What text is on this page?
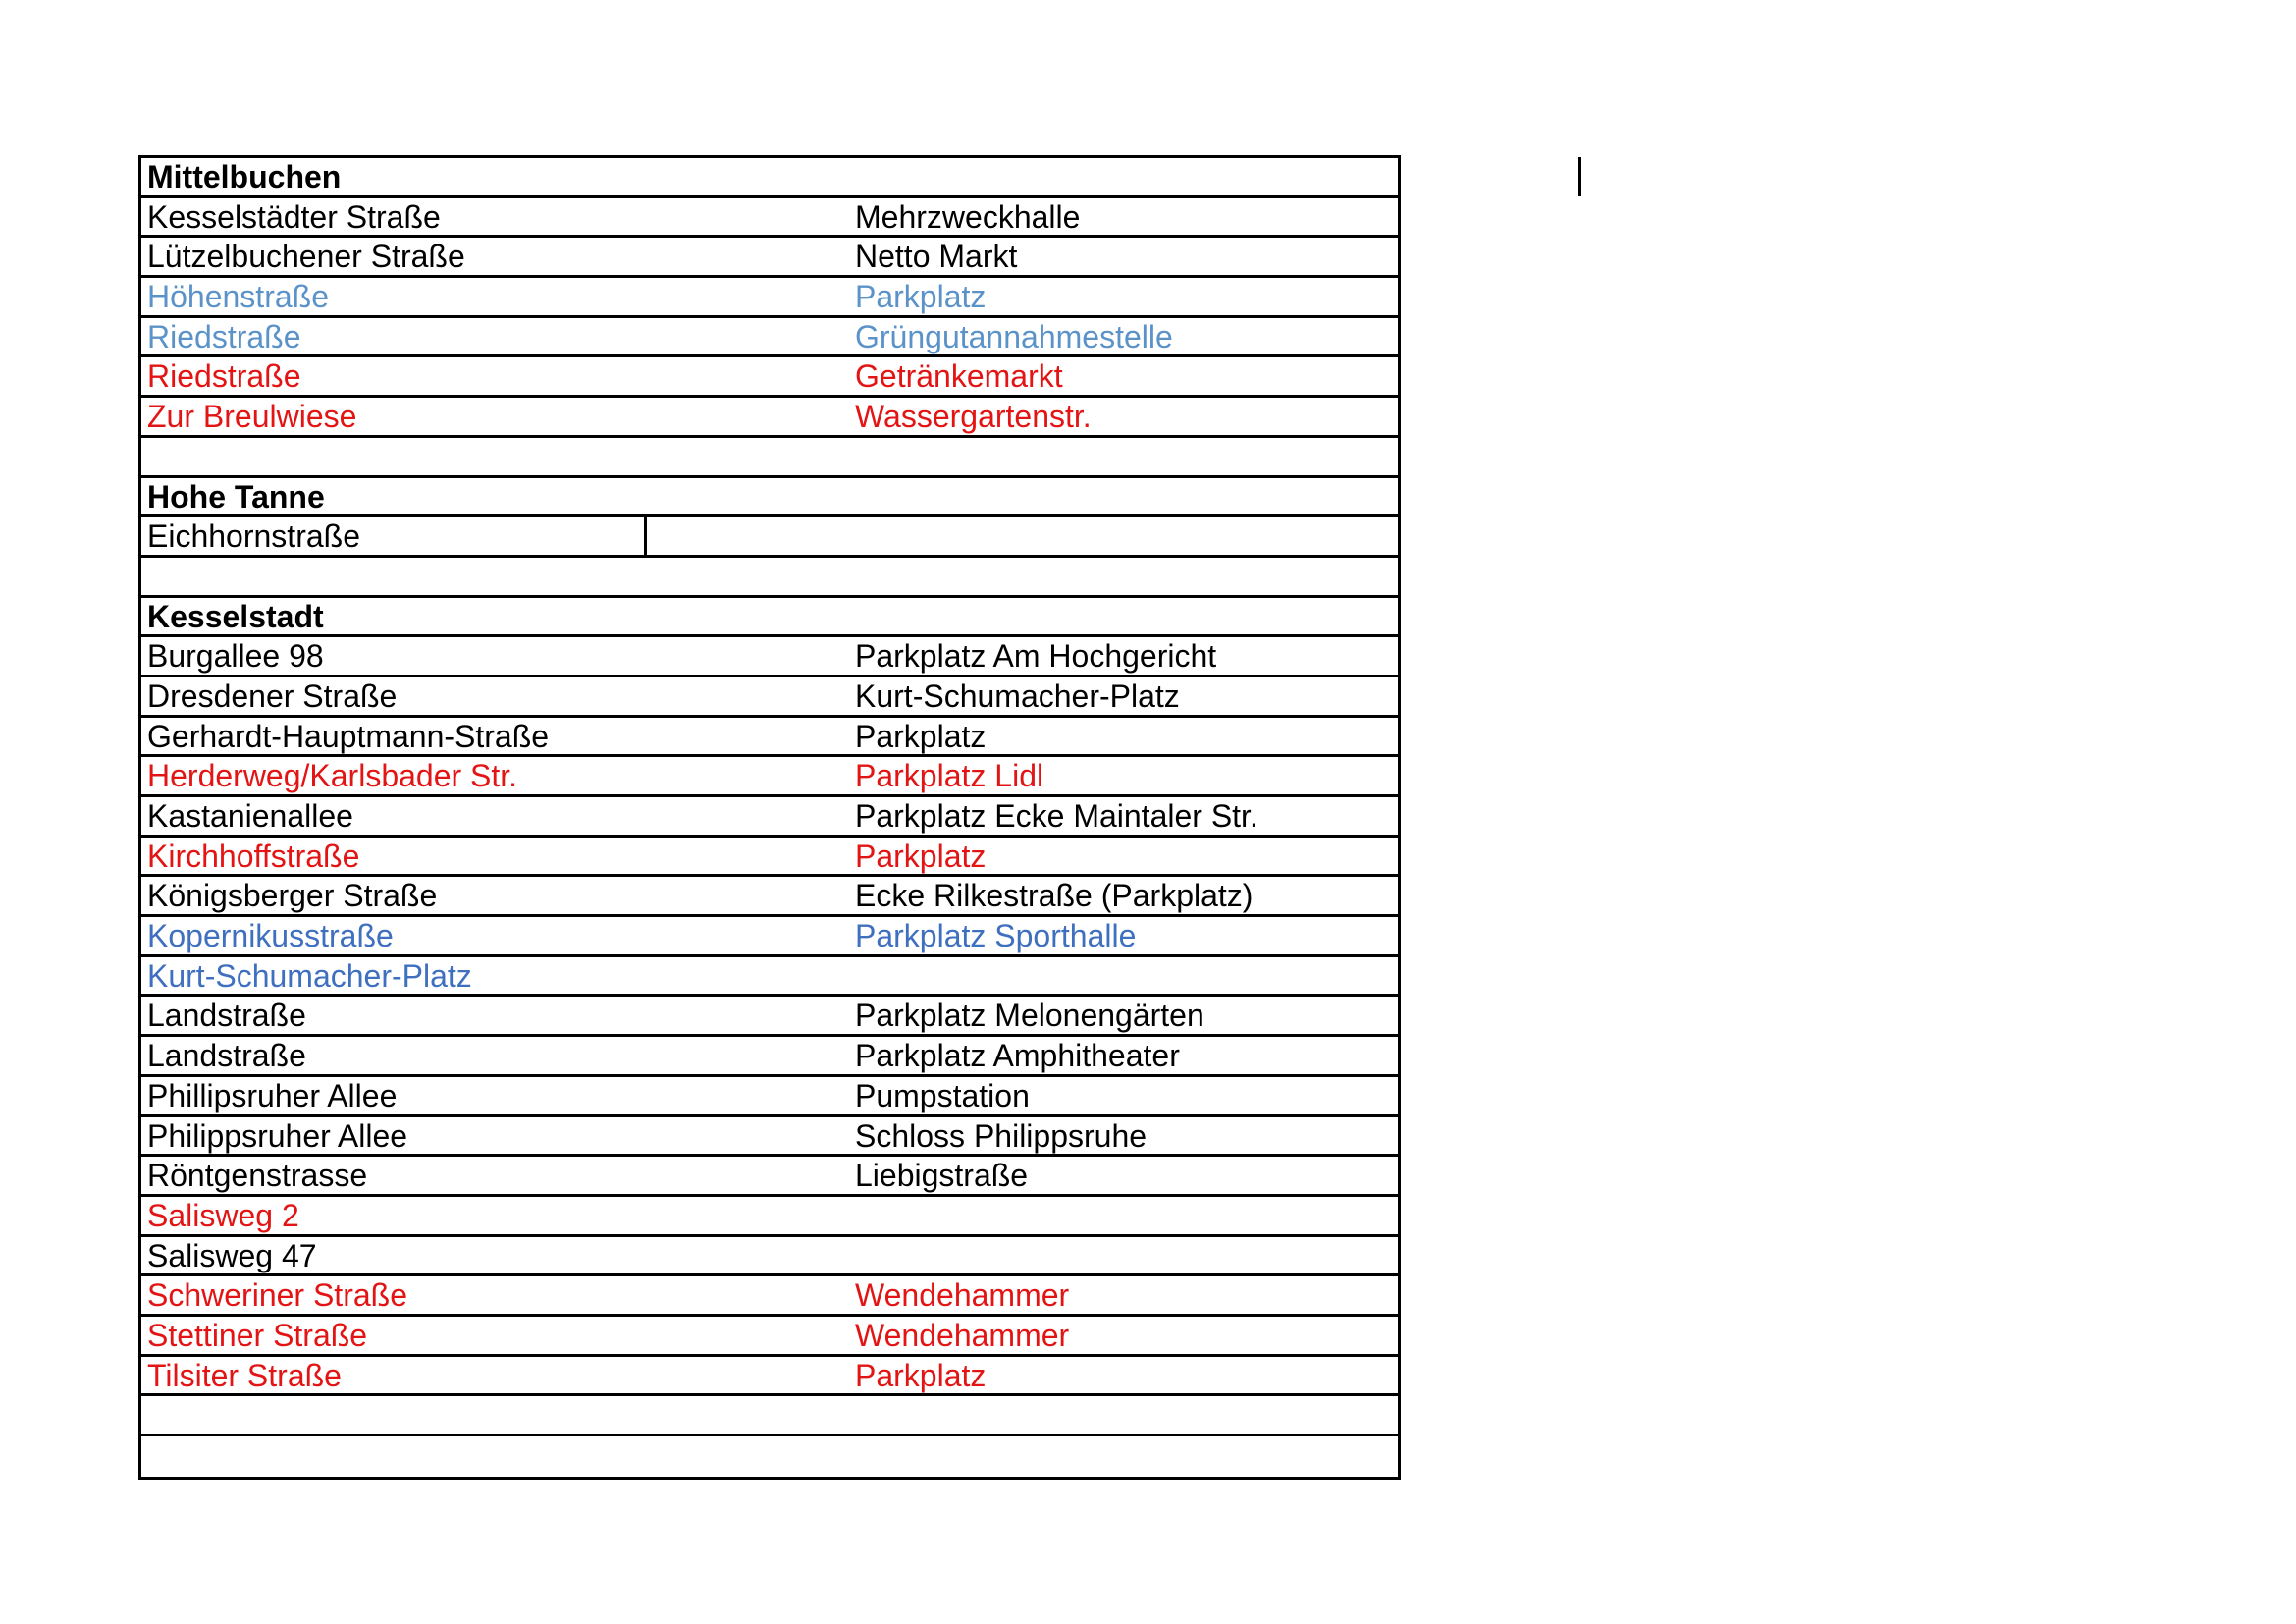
Mittelbuchen
Kesselstädter Straße	Mehrzweckhalle
Lützelbuchener Straße	Netto Markt
Höhenstraße	Parkplatz
Riedstraße	Grüngutannahmestelle
Riedstraße	Getränkemarkt
Zur Breulwiese	Wassergartenstr.
Hohe Tanne
Eichhornstraße
Kesselstadt
Burgallee 98	Parkplatz Am Hochgericht
Dresdener Straße	Kurt-Schumacher-Platz
Gerhardt-Hauptmann-Straße	Parkplatz
Herderweg/Karlsbader Str.	Parkplatz Lidl
Kastanienallee	Parkplatz Ecke Maintaler Str.
Kirchhoffstraße	Parkplatz
Königsberger Straße	Ecke Rilkestraße (Parkplatz)
Kopernikusstraße	Parkplatz Sporthalle
Kurt-Schumacher-Platz
Landstraße	Parkplatz Melonengärten
Landstraße	Parkplatz Amphitheater
Phillipsruher Allee	Pumpstation
Philippsruher Allee	Schloss Philippsruhe
Röntgenstrasse	Liebigstraße
Salisweg 2
Salisweg 47
Schweriner Straße	Wendehammer
Stettiner Straße	Wendehammer
Tilsiter Straße	Parkplatz
